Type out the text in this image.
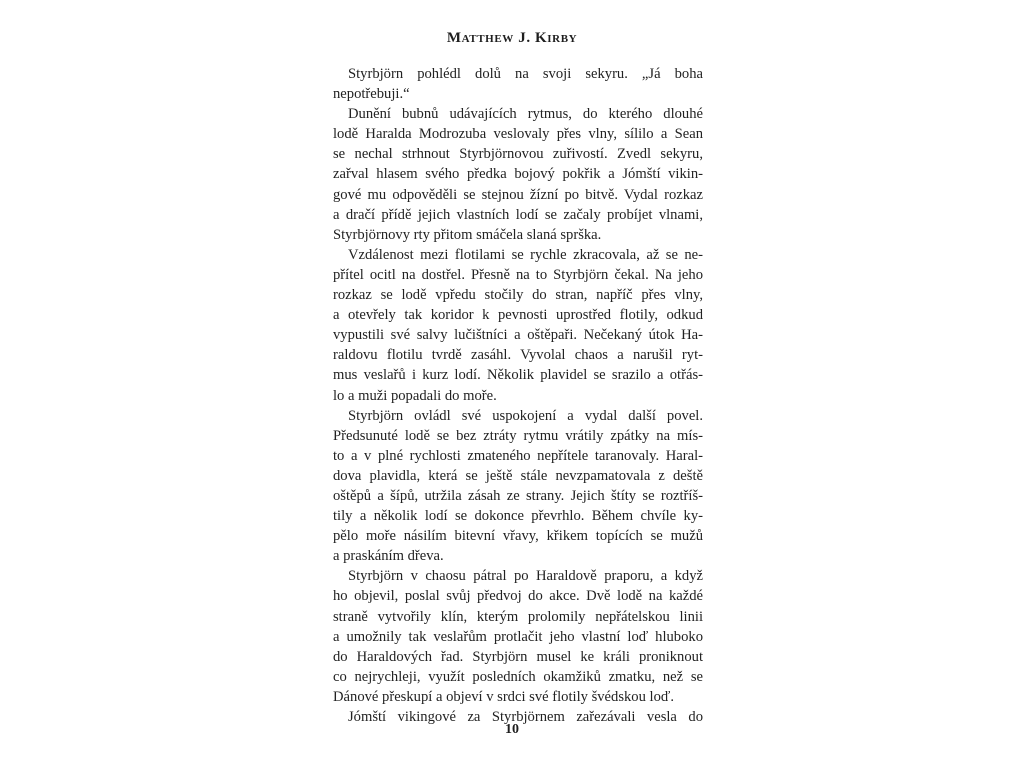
Matthew J. Kirby
Styrbjörn pohlédl dolů na svoji sekyru. „Já boha
nepotřebuji.“
Dunění bubnů udávajících rytmus, do kterého dlouhé
lodě Haralda Modrozuba veslovaly přes vlny, sílilo a Sean
se nechal strhnout Styrbjörnovou zuřivostí. Zvedl sekyru,
zařval hlasem svého předka bojový pokřik a Jómští vikin-
gové mu odpověděli se stejnou žízní po bitvě. Vydal rozkaz
a dračí přídě jejich vlastních lodí se začaly probíjet vlnami,
Styrbjörnovy rty přitom smáčela slaná sprška.
Vzdálenost mezi flotilami se rychle zkracovala, až se ne-
přítel ocitl na dostřel. Přesně na to Styrbjörn čekal. Na jeho
rozkaz se lodě vpředu stočily do stran, napříč přes vlny,
a otevřely tak koridor k pevnosti uprostřed flotily, odkud
vypustili své salvy lučištníci a oštěpaři. Nečekaný útok Ha-
raldovu flotilu tvrdě zasáhl. Vyvolal chaos a narušil ryt-
mus veslařů i kurz lodí. Několik plavidel se srazilo a otřás-
lo a muži popadali do moře.
Styrbjörn ovládl své uspokojení a vydal další povel.
Předsunuté lodě se bez ztráty rytmu vrátily zpátky na mís-
to a v plné rychlosti zmateného nepřítele taranovaly. Haral-
dova plavidla, která se ještě stále nevzpamatovala z deště
oštěpů a šípů, utržila zásah ze strany. Jejich štíty se roztříš-
tily a několik lodí se dokonce převrhlo. Během chvíle ky-
pělo moře násilím bitevní vřavy, křikem topících se mužů
a praskáním dřeva.
Styrbjörn v chaosu pátral po Haraldově praporu, a když
ho objevil, poslal svůj předvoj do akce. Dvě lodě na každé
straně vytvořily klín, kterým prolomily nepřátelskou linii
a umožnily tak veslařům protlačit jeho vlastní loď hluboko
do Haraldových řad. Styrbjörn musel ke králi proniknout
co nejrychleji, využít posledních okamžiků zmatku, než se
Dánové přeskupí a objeví v srdci své flotily švédskou loď.
Jómští vikingové za Styrbjörnem zařezávali vesla do
10
